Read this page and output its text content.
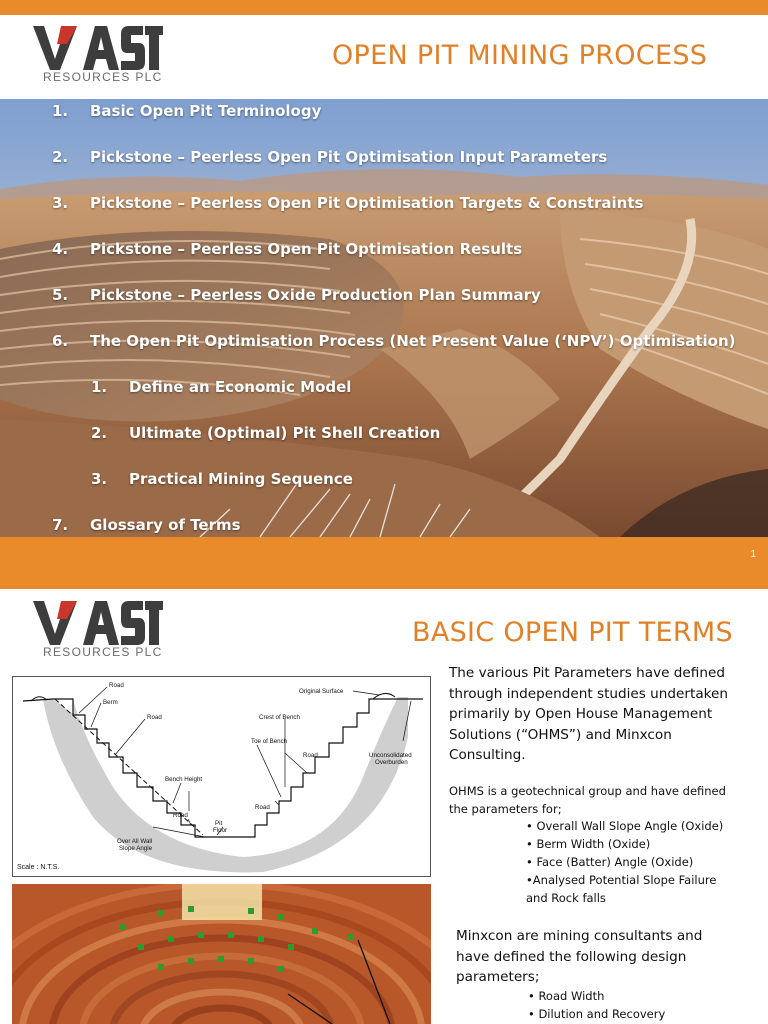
RESOURCES PLC
OPEN PIT MINING PROCESS
1. Basic Open Pit Terminology
2. Pickstone – Peerless Open Pit Optimisation Input Parameters
3. Pickstone – Peerless Open Pit Optimisation Targets & Constraints
4. Pickstone – Peerless Open Pit Optimisation Results
5. Pickstone – Peerless Oxide Production Plan Summary
6. The Open Pit Optimisation Process (Net Present Value (‘NPV’) Optimisation)
1. Define an Economic Model
2. Ultimate (Optimal) Pit Shell Creation
3. Practical Mining Sequence
7. Glossary of Terms
1
RESOURCES PLC
BASIC OPEN PIT TERMS
Road
Berm
Road
Bench Height
Road
Over All Wall
Slope Angle
Pit
Floor
Original Surface
Crest of Bench
Toe of Bench
Road
Road
Unconsolidated
Overburden
Scale : N.T.S.
The various Pit Parameters have defined
through independent studies undertaken
primarily by Open House Management
Solutions (“OHMS”) and Minxcon
Consulting.
OHMS is a geotechnical group and have defined
the parameters for;
• Overall Wall Slope Angle (Oxide)
• Berm Width (Oxide)
• Face (Batter) Angle (Oxide)
•Analysed Potential Slope Failure
and Rock falls
Minxcon are mining consultants and
have defined the following design
parameters;
• Road Width
• Dilution and Recovery
